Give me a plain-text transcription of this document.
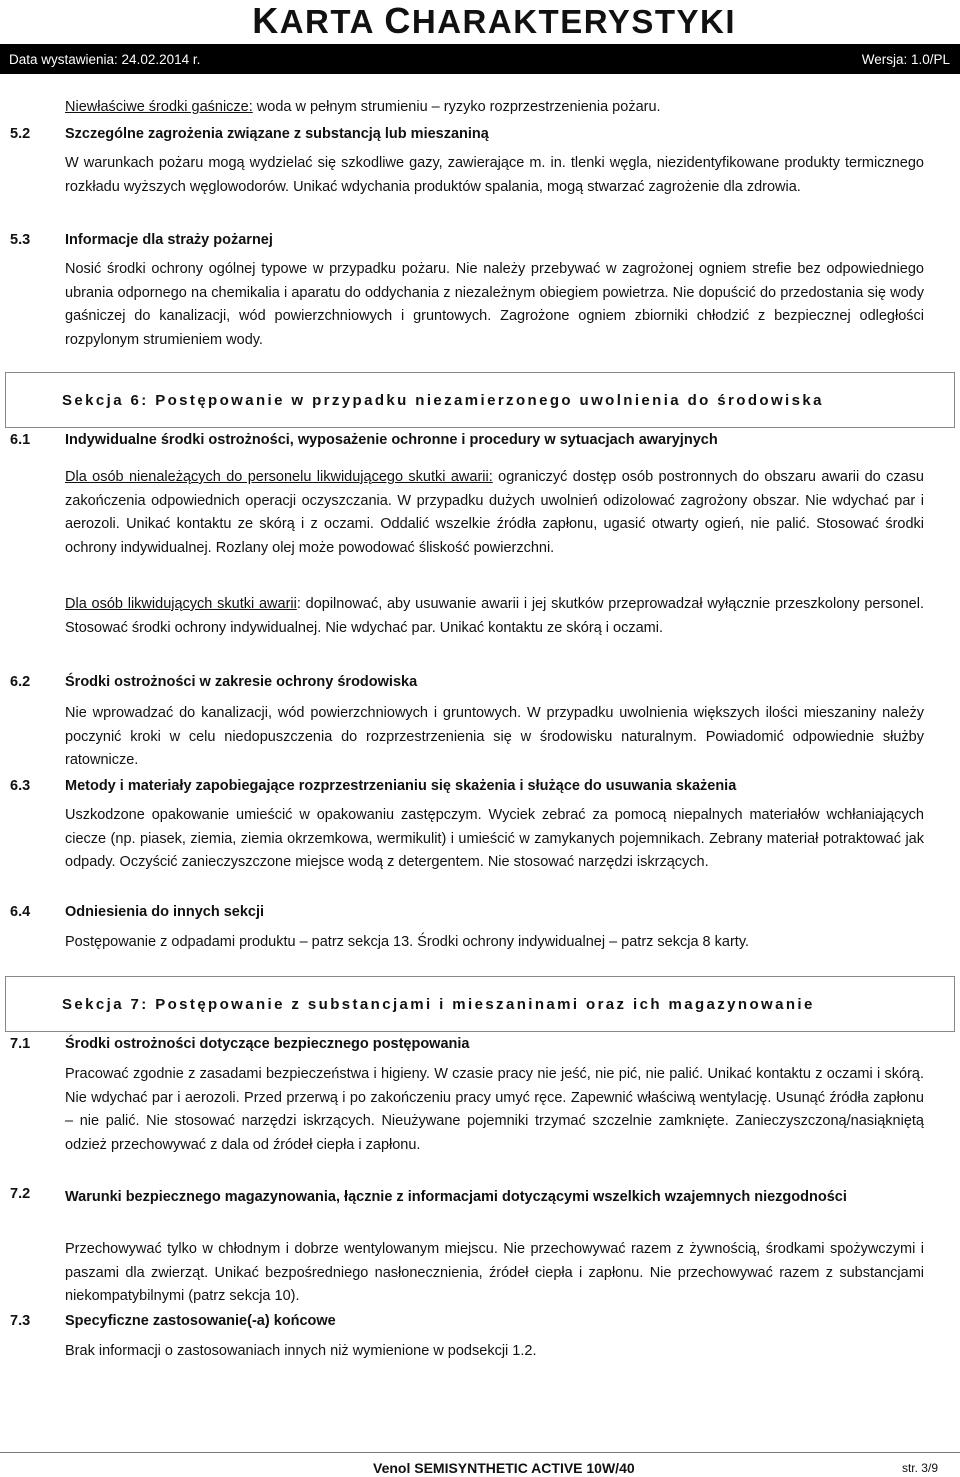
KARTA CHARAKTERYSTYKI
Data wystawienia: 24.02.2014 r.	Wersja: 1.0/PL

Niewłaściwe środki gaśnicze: woda w pełnym strumieniu – ryzyko rozprzestrzenienia pożaru.

5.2 Szczególne zagrożenia związane z substancją lub mieszaniną

W warunkach pożaru mogą wydzielać się szkodliwe gazy, zawierające m. in. tlenki węgla, niezidentyfikowane produkty termicznego rozkładu wyższych węglowodorów. Unikać wdychania produktów spalania, mogą stwarzać zagrożenie dla zdrowia.

5.3 Informacje dla straży pożarnej

Nosić środki ochrony ogólnej typowe w przypadku pożaru. Nie należy przebywać w zagrożonej ogniem strefie bez odpowiedniego ubrania odpornego na chemikalia i aparatu do oddychania z niezależnym obiegiem powietrza. Nie dopuścić do przedostania się wody gaśniczej do kanalizacji, wód powierzchniowych i gruntowych. Zagrożone ogniem zbiorniki chłodzić z bezpiecznej odległości rozpylonym strumieniem wody.

Sekcja 6: Postępowanie w przypadku niezamierzonego uwolnienia do środowiska
6.1 Indywidualne środki ostrożności, wyposażenie ochronne i procedury w sytuacjach awaryjnych

Dla osób nienależących do personelu likwidującego skutki awarii: ograniczyć dostęp osób postronnych do obszaru awarii do czasu zakończenia odpowiednich operacji oczyszczania. W przypadku dużych uwolnień odizolować zagrożony obszar. Nie wdychać par i aerozoli. Unikać kontaktu ze skórą i z oczami. Oddalić wszelkie źródła zapłonu, ugasić otwarty ogień, nie palić. Stosować środki ochrony indywidualnej. Rozlany olej może powodować śliskość powierzchni.

Dla osób likwidujących skutki awarii: dopilnować, aby usuwanie awarii i jej skutków przeprowadzał wyłącznie przeszkolony personel. Stosować środki ochrony indywidualnej. Nie wdychać par. Unikać kontaktu ze skórą i oczami.

6.2 Środki ostrożności w zakresie ochrony środowiska

Nie wprowadzać do kanalizacji, wód powierzchniowych i gruntowych. W przypadku uwolnienia większych ilości mieszaniny należy poczynić kroki w celu niedopuszczenia do rozprzestrzenienia się w środowisku naturalnym. Powiadomić odpowiednie służby ratownicze.

6.3 Metody i materiały zapobiegające rozprzestrzenianiu się skażenia i służące do usuwania skażenia

Uszkodzone opakowanie umieścić w opakowaniu zastępczym. Wyciek zebrać za pomocą niepalnych materiałów wchłaniających ciecze (np. piasek, ziemia, ziemia okrzemkowa, wermikulit) i umieścić w zamykanych pojemnikach. Zebrany materiał potraktować jak odpady. Oczyścić zanieczyszczone miejsce wodą z detergentem. Nie stosować narzędzi iskrzących.

6.4 Odniesienia do innych sekcji

Postępowanie z odpadami produktu – patrz sekcja 13. Środki ochrony indywidualnej – patrz sekcja 8 karty.

Sekcja 7: Postępowanie z substancjami i mieszaninami oraz ich magazynowanie
7.1 Środki ostrożności dotyczące bezpiecznego postępowania

Pracować zgodnie z zasadami bezpieczeństwa i higieny. W czasie pracy nie jeść, nie pić, nie palić. Unikać kontaktu z oczami i skórą. Nie wdychać par i aerozoli. Przed przerwą i po zakończeniu pracy umyć ręce. Zapewnić właściwą wentylację. Usunąć źródła zapłonu – nie palić. Nie stosować narzędzi iskrzących. Nieużywane pojemniki trzymać szczelnie zamknięte. Zanieczyszczoną/nasiąkniętą odzież przechowywać z dala od źródeł ciepła i zapłonu.

7.2 Warunki bezpiecznego magazynowania, łącznie z informacjami dotyczącymi wszelkich wzajemnych niezgodności

Przechowywać tylko w chłodnym i dobrze wentylowanym miejscu. Nie przechowywać razem z żywnością, środkami spożywczymi i paszami dla zwierząt. Unikać bezpośredniego nasłonecznienia, źródeł ciepła i zapłonu. Nie przechowywać razem z substancjami niekompatybilnymi (patrz sekcja 10).

7.3 Specyficzne zastosowanie(-a) końcowe

Brak informacji o zastosowaniach innych niż wymienione w podsekcji 1.2.

Venol SEMISYNTHETIC ACTIVE 10W/40	str. 3/9
